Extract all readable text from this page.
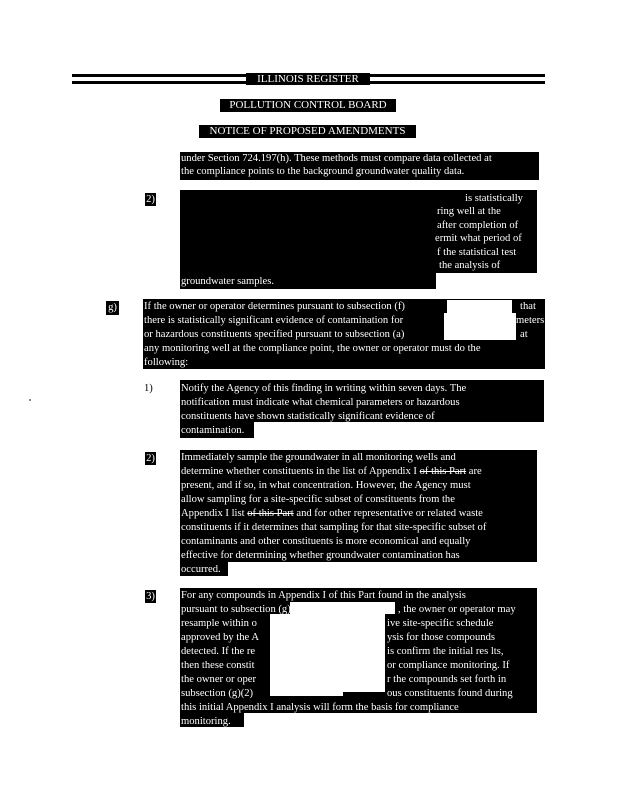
ILLINOIS REGISTER
POLLUTION CONTROL BOARD
NOTICE OF PROPOSED AMENDMENTS
under Section 724.197(h). These methods must compare data collected at
the compliance points to the background groundwater quality data.
2)	is statistically
ring well at the
after completion of
ermit what period of
f the statistical test
the analysis of
groundwater samples.
g)	If the owner or operator determines pursuant to subsection (f)	that
there is statistically significant evidence of contamination for	meters
or hazardous constituents specified pursuant to subsection (a)	at
any monitoring well at the compliance point, the owner or operator must do the
following:
1)	Notify the Agency of this finding in writing within seven days. The
notification must indicate what chemical parameters or hazardous
constituents have shown statistically significant evidence of
contamination.
2) Immediately sample the groundwater in all monitoring wells and
determine whether constituents in the list of Appendix I of this Part are
present, and if so, in what concentration. However, the Agency must
allow sampling for a site-specific subset of constituents from the
Appendix I list of this Part and for other representative or related waste
constituents if it determines that sampling for that site-specific subset of
contaminants and other constituents is more economical and equally
effective for determining whether groundwater contamination has
occurred.
3) For any compounds in Appendix I of this Part found in the analysis
pursuant to subsection (g)(2)
resample within o
approved by the A
detected. If the re
then these constit
the owner or oper
subsection (g)(2)
this initial Appendix I analysis will form the basis for compliance
monitoring.
, the owner or operator may
ive site-specific schedule
ysis for those compounds
is confirm the initial res lts,
or compliance monitoring. If
r the compounds set forth in
ous constituents found during
